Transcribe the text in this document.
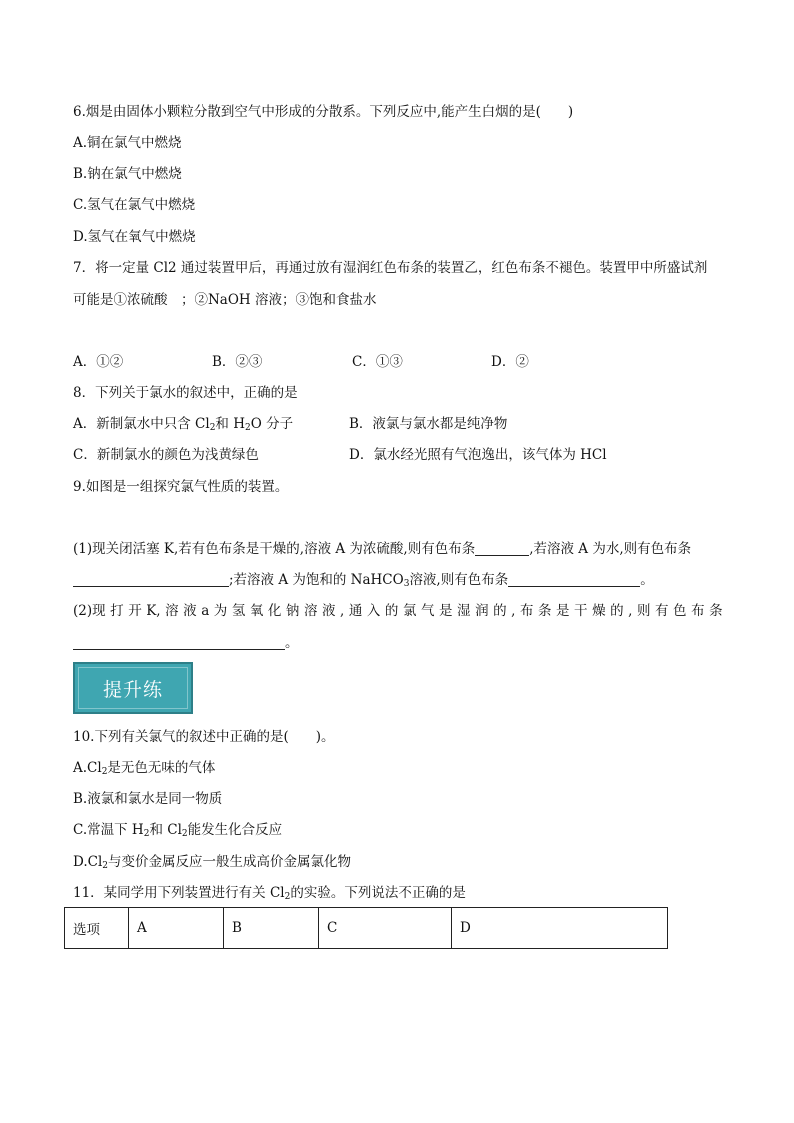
6.烟是由固体小颗粒分散到空气中形成的分散系。下列反应中,能产生白烟的是(　　)
A.铜在氯气中燃烧
B.钠在氯气中燃烧
C.氢气在氯气中燃烧
D.氢气在氧气中燃烧
7．将一定量 Cl2 通过装置甲后，再通过放有湿润红色布条的装置乙，红色布条不褪色。装置甲中所盛试剂
可能是①浓硫酸　；②NaOH 溶液；③饱和食盐水
A．①②	B．②③	C．①③	D．②
8．下列关于氯水的叙述中，正确的是
A．新制氯水中只含 $Cl_2$和 $H_2O$ 分子	B．液氯与氯水都是纯净物
C．新制氯水的颜色为浅黄绿色	D．氯水经光照有气泡逸出，该气体为 HCl
9.如图是一组探究氯气性质的装置。
(1)现关闭活塞 K,若有色布条是干燥的,溶液 A 为浓硫酸,则有色布条	,若溶液 A 为水,则有色布条
;若溶液 A 为饱和的 NaHCO$_3$溶液,则有色布条	。
(2)现 打 开 K, 溶 液 a 为 氢 氧 化 钠 溶 液 , 通 入 的 氯 气 是 湿 润 的 , 布 条 是 干 燥 的 , 则 有 色 布 条
。
提升练
10.下列有关氯气的叙述中正确的是(　　)。
$A.Cl_2$是无色无味的气体
B.液氯和氯水是同一物质
C.常温下 $H_2$和 $Cl_2$能发生化合反应
$D.Cl_2$与变价金属反应一般生成高价金属氯化物
11．某同学用下列装置进行有关 $Cl_2$的实验。下列说法不正确的是
选项	A	B	C	D
